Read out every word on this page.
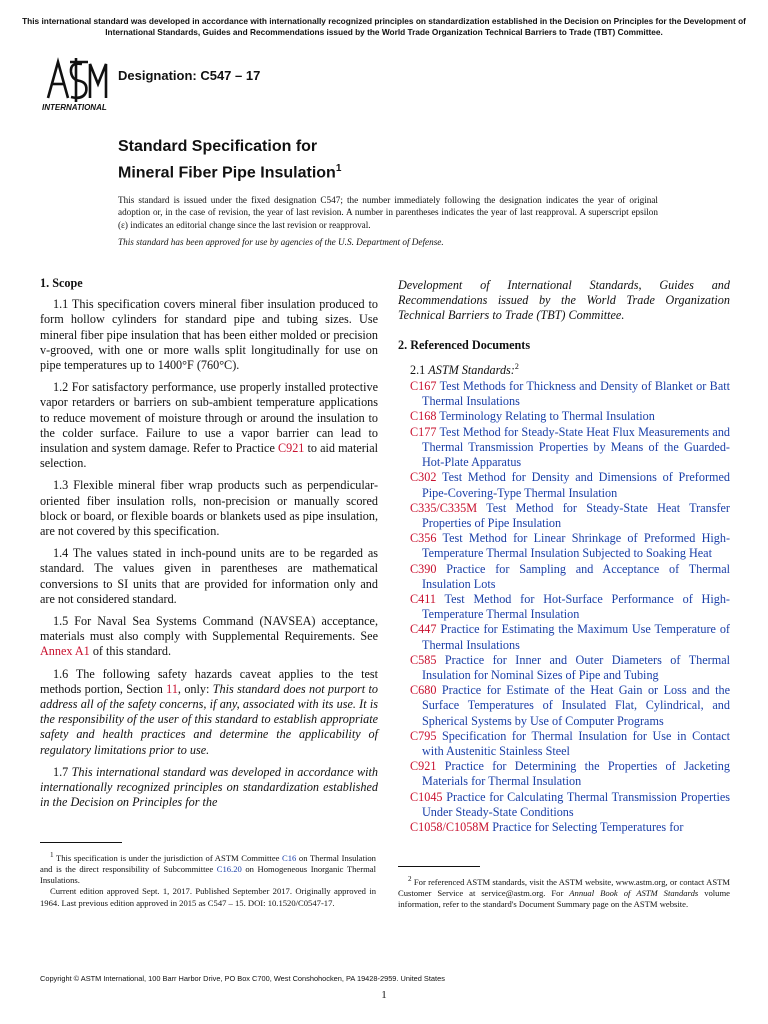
This international standard was developed in accordance with internationally recognized principles on standardization established in the Decision on Principles for the Development of International Standards, Guides and Recommendations issued by the World Trade Organization Technical Barriers to Trade (TBT) Committee.
INTERNATIONAL
Designation: C547 – 17
Standard Specification for
Mineral Fiber Pipe Insulation$^1$
This standard is issued under the fixed designation C547; the number immediately following the designation indicates the year of original adoption or, in the case of revision, the year of last revision. A number in parentheses indicates the year of last reapproval. A superscript epsilon (ε) indicates an editorial change since the last revision or reapproval.
This standard has been approved for use by agencies of the U.S. Department of Defense.
1. Scope

1.1 This specification covers mineral fiber insulation produced to form hollow cylinders for standard pipe and tubing sizes. Use mineral fiber pipe insulation that has been either molded or precision v-grooved, with one or more walls split longitudinally for use on pipe temperatures up to 1400°F (760°C).

1.2 For satisfactory performance, use properly installed protective vapor retarders or barriers on sub-ambient temperature applications to reduce movement of moisture through or around the insulation to the colder surface. Failure to use a vapor barrier can lead to insulation and system damage. Refer to Practice C921 to aid material selection.

1.3 Flexible mineral fiber wrap products such as perpendicular-oriented fiber insulation rolls, non-precision or manually scored block or board, or flexible boards or blankets used as pipe insulation, are not covered by this specification.

1.4 The values stated in inch-pound units are to be regarded as standard. The values given in parentheses are mathematical conversions to SI units that are provided for information only and are not considered standard.

1.5 For Naval Sea Systems Command (NAVSEA) acceptance, materials must also comply with Supplemental Requirements. See Annex A1 of this standard.

1.6 The following safety hazards caveat applies to the test methods portion, Section 11, only: This standard does not purport to address all of the safety concerns, if any, associated with its use. It is the responsibility of the user of this standard to establish appropriate safety and health practices and determine the applicability of regulatory limitations prior to use.

1.7 This international standard was developed in accordance with internationally recognized principles on standardization established in the Decision on Principles for the

Development of International Standards, Guides and Recommendations issued by the World Trade Organization Technical Barriers to Trade (TBT) Committee.

2. Referenced Documents
2.1 ASTM Standards:$^2$

C167 Test Methods for Thickness and Density of Blanket or Batt Thermal Insulations

C168 Terminology Relating to Thermal Insulation

C177 Test Method for Steady-State Heat Flux Measurements and Thermal Transmission Properties by Means of the Guarded-Hot-Plate Apparatus

C302 Test Method for Density and Dimensions of Preformed Pipe-Covering-Type Thermal Insulation

C335/C335M Test Method for Steady-State Heat Transfer Properties of Pipe Insulation

C356 Test Method for Linear Shrinkage of Preformed High-Temperature Thermal Insulation Subjected to Soaking Heat

C390 Practice for Sampling and Acceptance of Thermal Insulation Lots

C411 Test Method for Hot-Surface Performance of High-Temperature Thermal Insulation

C447 Practice for Estimating the Maximum Use Temperature of Thermal Insulations

C585 Practice for Inner and Outer Diameters of Thermal Insulation for Nominal Sizes of Pipe and Tubing

C680 Practice for Estimate of the Heat Gain or Loss and the Surface Temperatures of Insulated Flat, Cylindrical, and Spherical Systems by Use of Computer Programs

C795 Specification for Thermal Insulation for Use in Contact with Austenitic Stainless Steel

C921 Practice for Determining the Properties of Jacketing Materials for Thermal Insulation

C1045 Practice for Calculating Thermal Transmission Properties Under Steady-State Conditions

C1058/C1058M Practice for Selecting Temperatures for

$^1$ This specification is under the jurisdiction of ASTM Committee C16 on Thermal Insulation and is the direct responsibility of Subcommittee C16.20 on Homogeneous Inorganic Thermal Insulations.

Current edition approved Sept. 1, 2017. Published September 2017. Originally approved in 1964. Last previous edition approved in 2015 as C547 – 15. DOI: 10.1520/C0547-17.

$^2$ For referenced ASTM standards, visit the ASTM website, www.astm.org, or contact ASTM Customer Service at service@astm.org. For Annual Book of ASTM Standards volume information, refer to the standard's Document Summary page on the ASTM website.

Copyright © ASTM International, 100 Barr Harbor Drive, PO Box C700, West Conshohocken, PA 19428-2959. United States
1
